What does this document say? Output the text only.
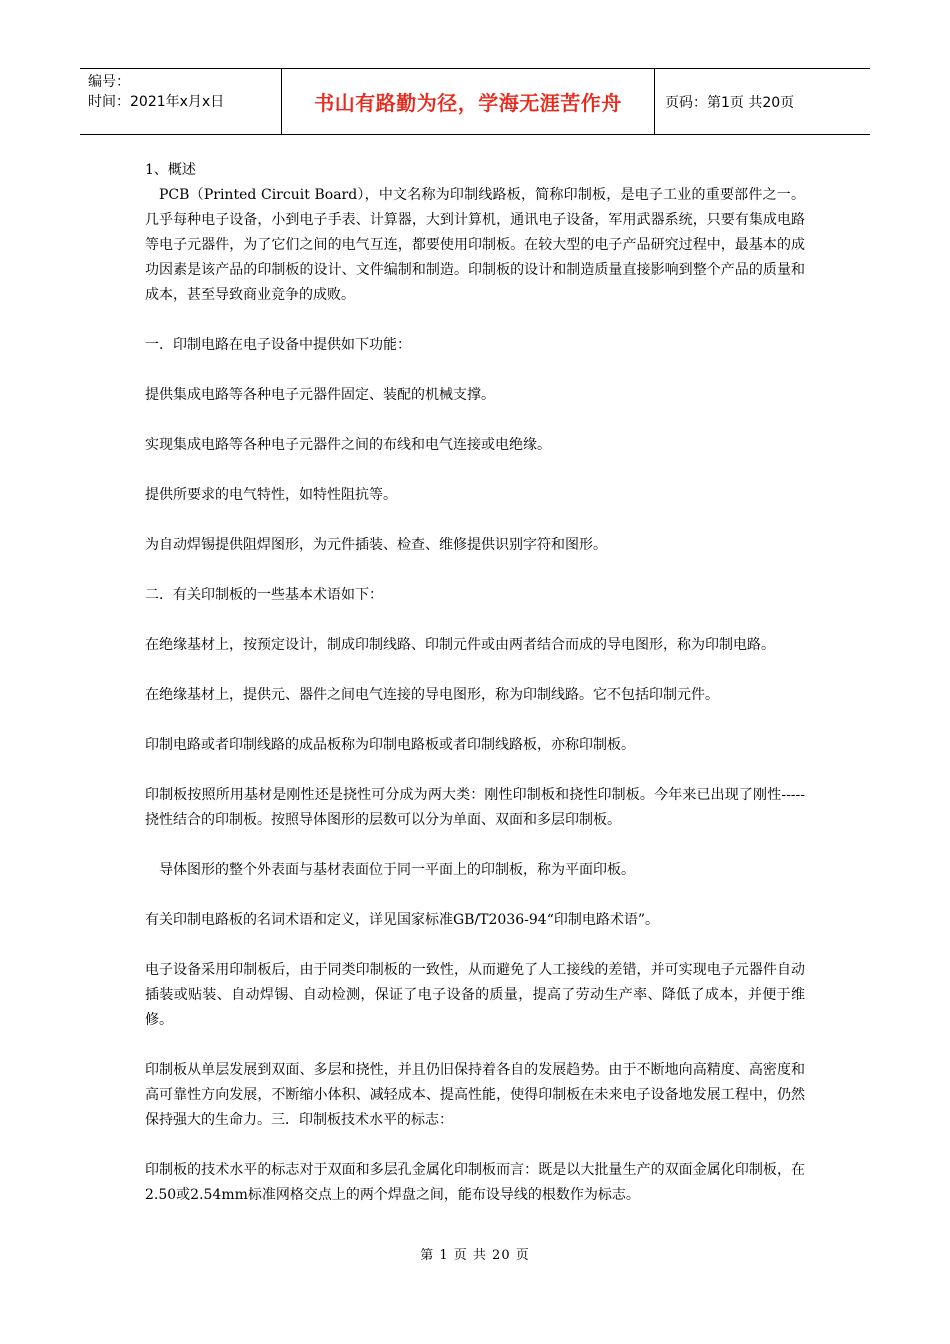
编号：
时间：2021年x月x日	书山有路勤为径，学海无涯苦作舟	页码：第1页 共20页

1、概述

PCB（Printed Circuit Board），中文名称为印制线路板，简称印制板，是电子工业的重要部件之一。几乎每种电子设备，小到电子手表、计算器，大到计算机，通讯电子设备，军用武器系统，只要有集成电路等电子元器件，为了它们之间的电气互连，都要使用印制板。在较大型的电子产品研究过程中，最基本的成功因素是该产品的印制板的设计、文件编制和制造。印制板的设计和制造质量直接影响到整个产品的质量和成本，甚至导致商业竞争的成败。

一．印制电路在电子设备中提供如下功能：

提供集成电路等各种电子元器件固定、装配的机械支撑。

实现集成电路等各种电子元器件之间的布线和电气连接或电绝缘。

提供所要求的电气特性，如特性阻抗等。

为自动焊锡提供阻焊图形，为元件插装、检查、维修提供识别字符和图形。

二．有关印制板的一些基本术语如下：

在绝缘基材上，按预定设计，制成印制线路、印制元件或由两者结合而成的导电图形，称为印制电路。

在绝缘基材上，提供元、器件之间电气连接的导电图形，称为印制线路。它不包括印制元件。

印制电路或者印制线路的成品板称为印制电路板或者印制线路板，亦称印制板。

印制板按照所用基材是刚性还是挠性可分成为两大类：刚性印制板和挠性印制板。今年来已出现了刚性-----挠性结合的印制板。按照导体图形的层数可以分为单面、双面和多层印制板。

导体图形的整个外表面与基材表面位于同一平面上的印制板，称为平面印板。

有关印制电路板的名词术语和定义，详见国家标准GB/T2036-94“印制电路术语”。

电子设备采用印制板后，由于同类印制板的一致性，从而避免了人工接线的差错，并可实现电子元器件自动插装或贴装、自动焊锡、自动检测，保证了电子设备的质量，提高了劳动生产率、降低了成本，并便于维修。

印制板从单层发展到双面、多层和挠性，并且仍旧保持着各自的发展趋势。由于不断地向高精度、高密度和高可靠性方向发展，不断缩小体积、减轻成本、提高性能，使得印制板在未来电子设备地发展工程中，仍然保持强大的生命力。三．印制板技术水平的标志：

印制板的技术水平的标志对于双面和多层孔金属化印制板而言：既是以大批量生产的双面金属化印制板，在2.50或2.54mm标准网格交点上的两个焊盘之间，能布设导线的根数作为标志。

第 1 页 共 20 页
